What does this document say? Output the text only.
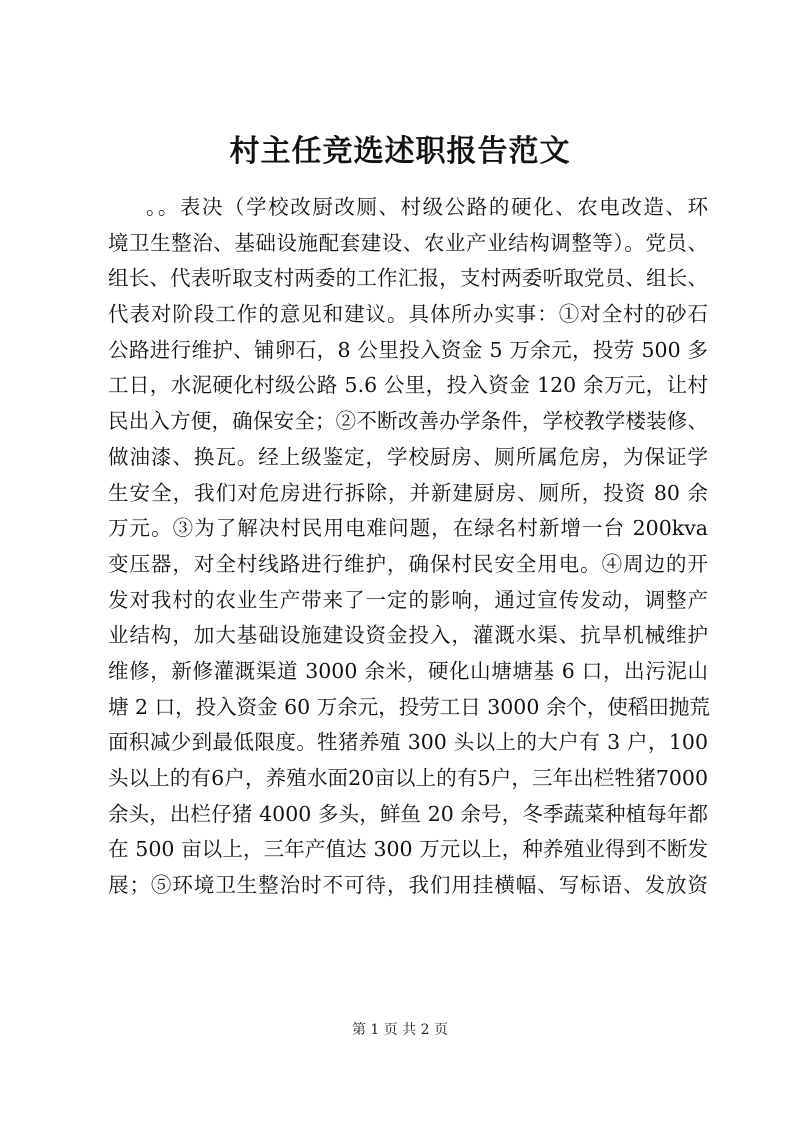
村主任竞选述职报告范文
。。表决（学校改厨改厕、村级公路的硬化、农电改造、环
境卫生整治、基础设施配套建设、农业产业结构调整等）。党员、
组长、代表听取支村两委的工作汇报，支村两委听取党员、组长、
代表对阶段工作的意见和建议。具体所办实事：①对全村的砂石
公路进行维护、铺卵石，8 公里投入资金 5 万余元，投劳 500 多
工日，水泥硬化村级公路 5.6 公里，投入资金 120 余万元，让村
民出入方便，确保安全；②不断改善办学条件，学校教学楼装修、
做油漆、换瓦。经上级鉴定，学校厨房、厕所属危房，为保证学
生安全，我们对危房进行拆除，并新建厨房、厕所，投资 80 余
万元。③为了解决村民用电难问题，在绿名村新增一台 200kva
变压器，对全村线路进行维护，确保村民安全用电。④周边的开
发对我村的农业生产带来了一定的影响，通过宣传发动，调整产
业结构，加大基础设施建设资金投入，灌溉水渠、抗旱机械维护
维修，新修灌溉渠道 3000 余米，硬化山塘塘基 6 口，出污泥山
塘 2 口，投入资金 60 万余元，投劳工日 3000 余个，使稻田抛荒
面积减少到最低限度。牲猪养殖 300 头以上的大户有 3 户，100
头以上的有6户，养殖水面20亩以上的有5户，三年出栏牲猪7000
余头，出栏仔猪 4000 多头，鲜鱼 20 余号，冬季蔬菜种植每年都
在 500 亩以上，三年产值达 300 万元以上，种养殖业得到不断发
展；⑤环境卫生整治时不可待，我们用挂横幅、写标语、发放资
第 1 页 共 2 页
